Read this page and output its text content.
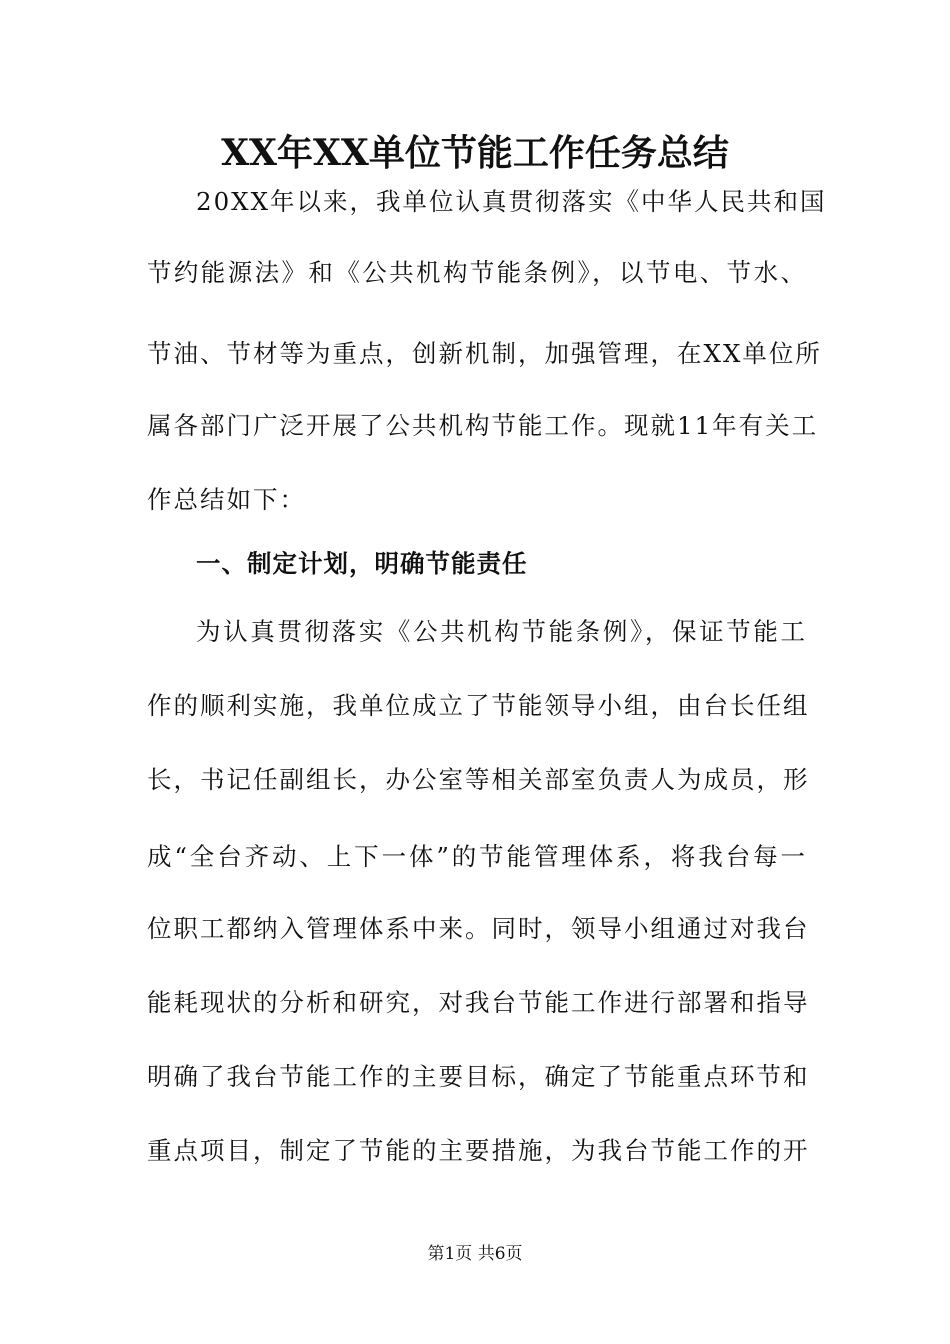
XX年XX单位节能工作任务总结
20XX年以来，我单位认真贯彻落实《中华人民共和国
节约能源法》和《公共机构节能条例》，以节电、节水、
节油、节材等为重点，创新机制，加强管理，在XX单位所
属各部门广泛开展了公共机构节能工作。现就11年有关工
作总结如下：
一、制定计划，明确节能责任
为认真贯彻落实《公共机构节能条例》，保证节能工
作的顺利实施，我单位成立了节能领导小组，由台长任组
长，书记任副组长，办公室等相关部室负责人为成员，形
成“全台齐动、上下一体”的节能管理体系，将我台每一
位职工都纳入管理体系中来。同时，领导小组通过对我台
能耗现状的分析和研究，对我台节能工作进行部署和指导
明确了我台节能工作的主要目标，确定了节能重点环节和
重点项目，制定了节能的主要措施，为我台节能工作的开
第1页 共6页
